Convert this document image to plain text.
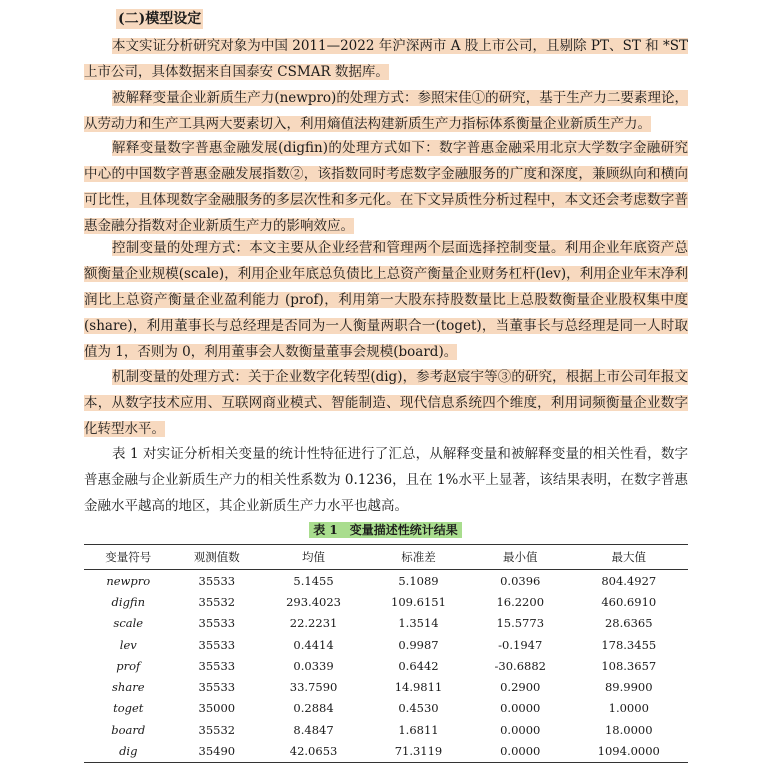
(二)模型设定

本文实证分析研究对象为中国 2011—2022 年沪深两市 A 股上市公司，且剔除 PT、ST 和 *ST 上市公司，具体数据来自国泰安 CSMAR 数据库。

被解释变量企业新质生产力(newpro)的处理方式：参照宋佳①的研究，基于生产力二要素理论，从劳动力和生产工具两大要素切入，利用熵值法构建新质生产力指标体系衡量企业新质生产力。

解释变量数字普惠金融发展(digfin)的处理方式如下：数字普惠金融采用北京大学数字金融研究中心的中国数字普惠金融发展指数②，该指数同时考虑数字金融服务的广度和深度，兼顾纵向和横向可比性，且体现数字金融服务的多层次性和多元化。在下文异质性分析过程中，本文还会考虑数字普惠金融分指数对企业新质生产力的影响效应。

控制变量的处理方式：本文主要从企业经营和管理两个层面选择控制变量。利用企业年底资产总额衡量企业规模(scale)，利用企业年底总负债比上总资产衡量企业财务杠杆(lev)，利用企业年末净利润比上总资产衡量企业盈利能力 (prof)，利用第一大股东持股数量比上总股数衡量企业股权集中度(share)，利用董事长与总经理是否同为一人衡量两职合一(toget)，当董事长与总经理是同一人时取值为 1，否则为 0，利用董事会人数衡量董事会规模(board)。

机制变量的处理方式：关于企业数字化转型(dig)，参考赵宸宇等③的研究，根据上市公司年报文本，从数字技术应用、互联网商业模式、智能制造、现代信息系统四个维度，利用词频衡量企业数字化转型水平。

表 1 对实证分析相关变量的统计性特征进行了汇总，从解释变量和被解释变量的相关性看，数字普惠金融与企业新质生产力的相关性系数为 0.1236，且在 1%水平上显著，该结果表明，在数字普惠金融水平越高的地区，其企业新质生产力水平也越高。

表 1　变量描述性统计结果
变量符号	观测值数	均值	标准差	最小值	最大值
newpro	35533	5.1455	5.1089	0.0396	804.4927
digfin	35532	293.4023	109.6151	16.2200	460.6910
scale	35533	22.2231	1.3514	15.5773	28.6365
lev	35533	0.4414	0.9987	-0.1947	178.3455
prof	35533	0.0339	0.6442	-30.6882	108.3657
share	35533	33.7590	14.9811	0.2900	89.9900
toget	35000	0.2884	0.4530	0.0000	1.0000
board	35532	8.4847	1.6811	0.0000	18.0000
dig	35490	42.0653	71.3119	0.0000	1094.0000
